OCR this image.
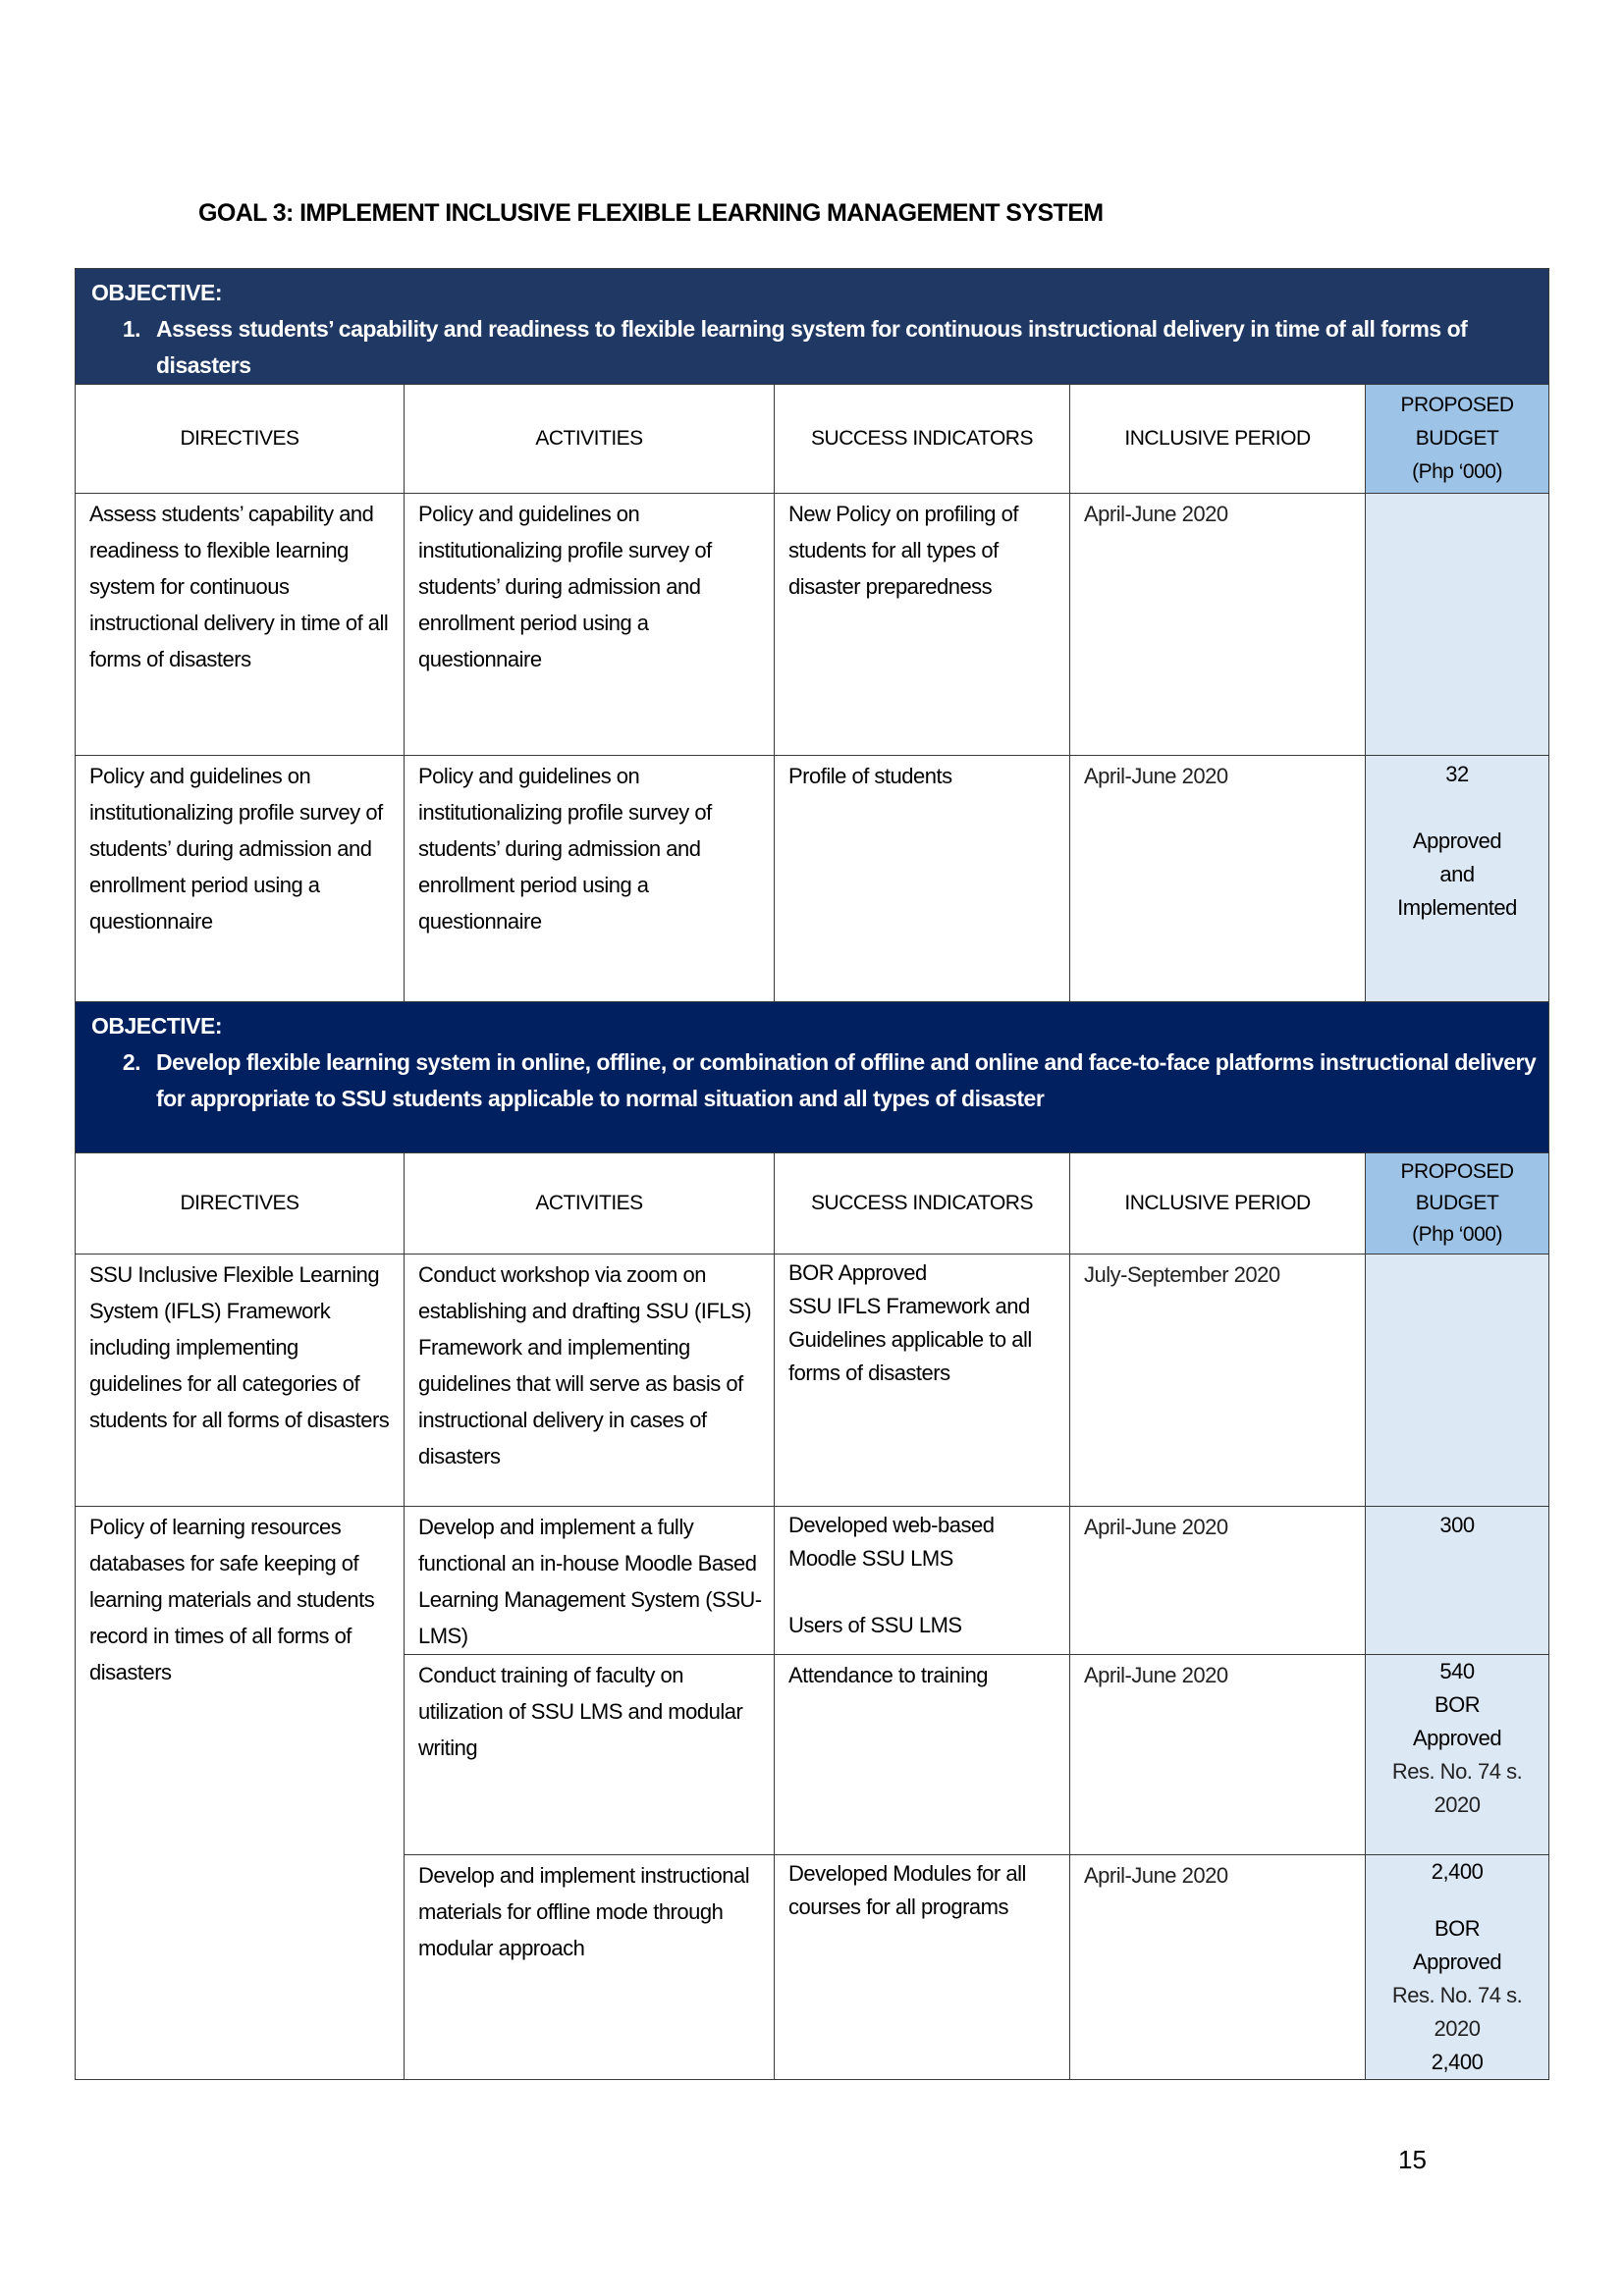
GOAL 3: IMPLEMENT INCLUSIVE FLEXIBLE LEARNING MANAGEMENT SYSTEM
OBJECTIVE:
1. Assess students’ capability and readiness to flexible learning system for continuous instructional delivery in time of all forms of disasters				

DIRECTIVES	ACTIVITIES	SUCCESS INDICATORS	INCLUSIVE PERIOD	PROPOSED
BUDGET
(Php ‘000)

Assess students’ capability and readiness to flexible learning system for continuous instructional delivery in time of all forms of disasters	Policy and guidelines on institutionalizing profile survey of students’ during admission and enrollment period using a questionnaire	New Policy on profiling of students for all types of disaster preparedness	April-June 2020	
Policy and guidelines on institutionalizing profile survey of students’ during admission and enrollment period using a questionnaire	Policy and guidelines on institutionalizing profile survey of students’ during admission and enrollment period using a questionnaire	Profile of students	April-June 2020	32
Approved
and
Implemented
OBJECTIVE:
2. Develop flexible learning system in online, offline, or combination of offline and online and face-to-face platforms instructional delivery for appropriate to SSU students applicable to normal situation and all types of disaster				

DIRECTIVES	ACTIVITIES	SUCCESS INDICATORS	INCLUSIVE PERIOD	PROPOSED
BUDGET
(Php ‘000)

SSU Inclusive Flexible Learning System (IFLS) Framework including implementing guidelines for all categories of students for all forms of disasters	Conduct workshop via zoom on establishing and drafting SSU (IFLS) Framework and implementing guidelines that will serve as basis of instructional delivery in cases of disasters	BOR Approved
SSU IFLS Framework and Guidelines applicable to all forms of disasters	July-September 2020	
Policy of learning resources databases for safe keeping of learning materials and students record in times of all forms of disasters	Develop and implement a fully functional an in-house Moodle Based Learning Management System (SSU-LMS)	Developed web-based Moodle SSU LMS
Users of SSU LMS	April-June 2020	300
	Conduct training of faculty on utilization of SSU LMS and modular writing	Attendance to training	April-June 2020	540
BOR
Approved
Res. No. 74 s.
2020

Develop and implement instructional materials for offline mode through modular approach	Developed Modules for all courses for all programs	April-June 2020	2,400
BOR
Approved
Res. No. 74 s.
2020
2,400
15
